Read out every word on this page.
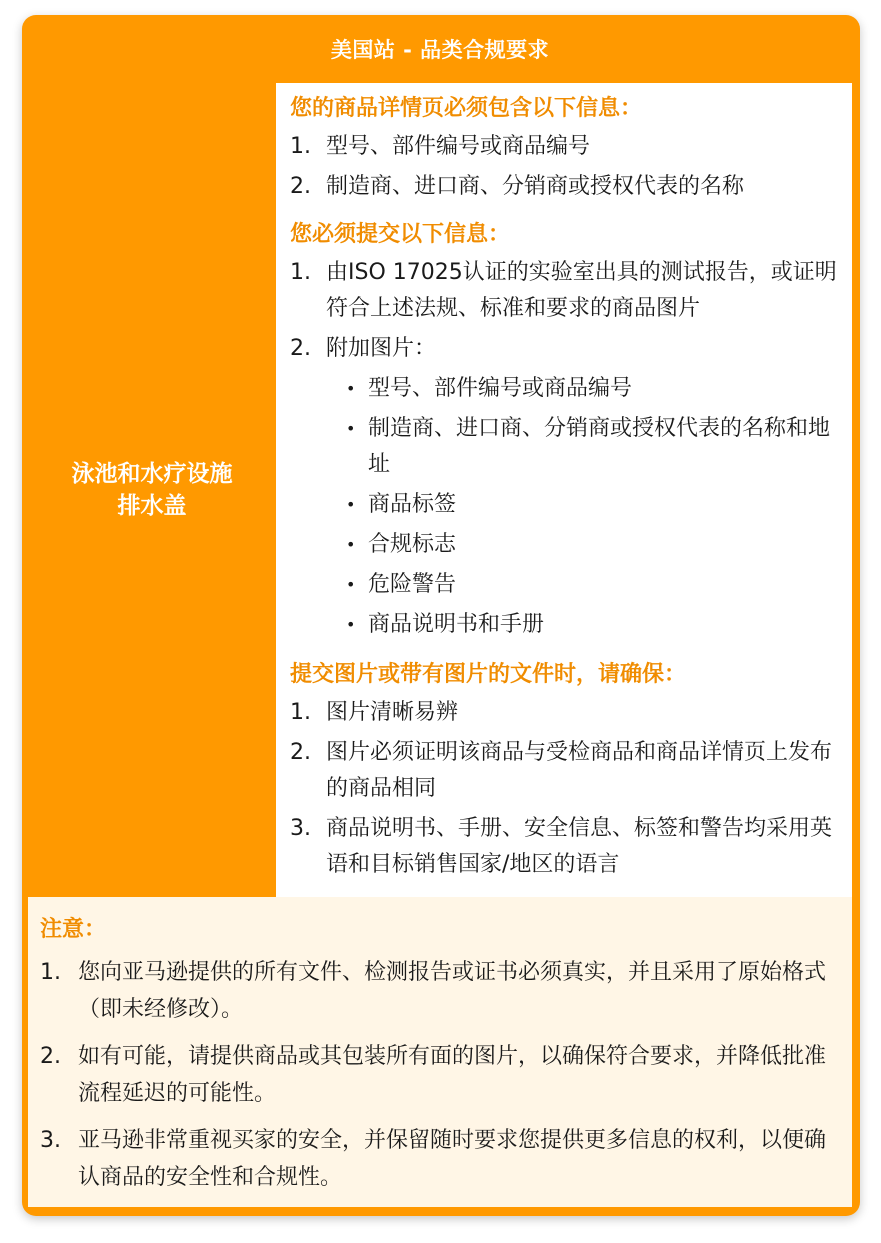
美国站 - 品类合规要求
泳池和水疗设施
排水盖

您的商品详情页必须包含以下信息：

1. 型号、部件编号或商品编号
2. 制造商、进口商、分销商或授权代表的名称

您必须提交以下信息：

1. 由ISO 17025认证的实验室出具的测试报告，或证明符合上述法规、标准和要求的商品图片
2. 附加图片：
• 型号、部件编号或商品编号
• 制造商、进口商、分销商或授权代表的名称和地址
• 商品标签
• 合规标志
• 危险警告
• 商品说明书和手册

提交图片或带有图片的文件时，请确保：

1. 图片清晰易辨
2. 图片必须证明该商品与受检商品和商品详情页上发布的商品相同
3. 商品说明书、手册、安全信息、标签和警告均采用英语和目标销售国家/地区的语言

注意：

1. 您向亚马逊提供的所有文件、检测报告或证书必须真实，并且采用了原始格式（即未经修改）。
2. 如有可能，请提供商品或其包装所有面的图片，以确保符合要求，并降低批准流程延迟的可能性。
3. 亚马逊非常重视买家的安全，并保留随时要求您提供更多信息的权利，以便确认商品的安全性和合规性。
